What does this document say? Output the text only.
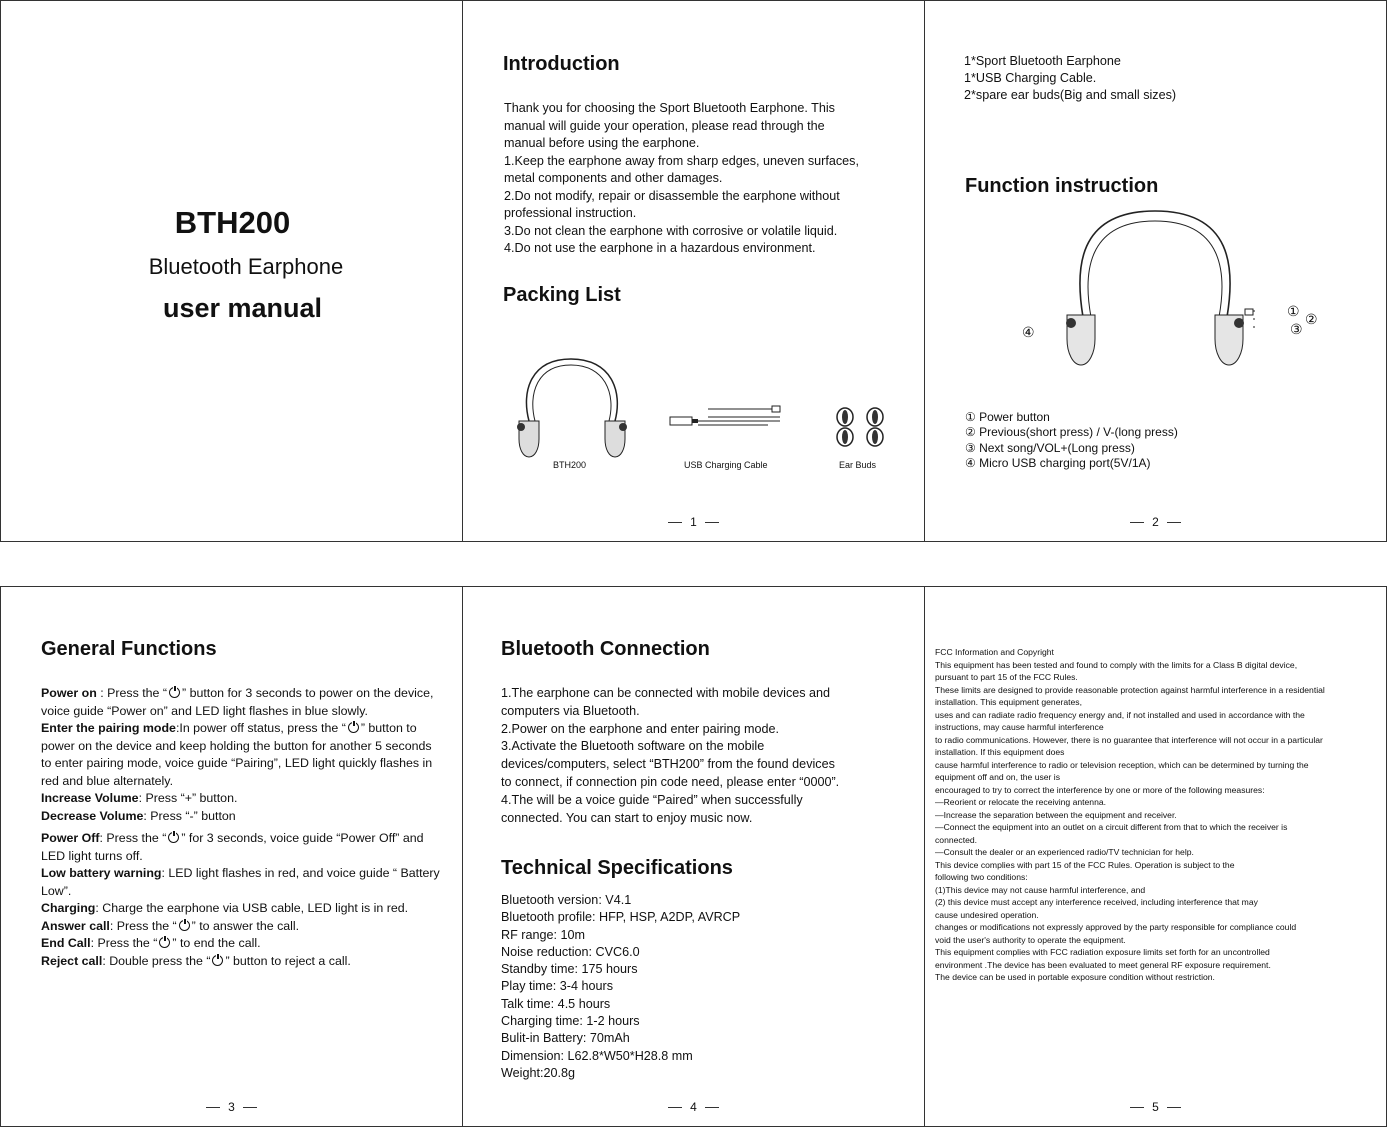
BTH200
Bluetooth Earphone
user manual
Introduction

Thank you for choosing the Sport Bluetooth Earphone. This

manual will guide your operation, please read through the

manual before using the earphone.

1.Keep the earphone away from sharp edges, uneven surfaces,

metal components and other damages.

2.Do not modify, repair or disassemble the earphone without

professional instruction.

3.Do not clean the earphone with corrosive or volatile liquid.

4.Do not use the earphone in a hazardous environment.

Packing List
BTH200	USB Charging Cable	Ear Buds
1

1*Sport Bluetooth Earphone

1*USB Charging Cable.

2*spare ear buds(Big and small sizes)

Function instruction
① ②
③
④

① Power button

② Previous(short press) / V-(long press)

③ Next song/VOL+(Long press)

④ Micro USB charging port(5V/1A)

2
General Functions

Power on : Press the “ ” button for 3 seconds to power on the device, voice guide “Power on” and LED light flashes in blue slowly.

Enter the pairing mode:In power off status, press the “ ” button to power on the device and keep holding the button for another 5 seconds to enter pairing mode, voice guide “Pairing”, LED light quickly flashes in red and blue alternately.

Increase Volume: Press “+” button.

Decrease Volume: Press “-” button

Power Off: Press the “ ” for 3 seconds, voice guide “Power Off” and LED light turns off.

Low battery warning: LED light flashes in red, and voice guide “ Battery Low”.

Charging: Charge the earphone via USB cable, LED light is in red.

Answer call: Press the “ ” to answer the call.

End Call: Press the “ ” to end the call.

Reject call: Double press the “ ” button to reject a call.

3
Bluetooth Connection

1.The earphone can be connected with mobile devices and

computers via Bluetooth.

2.Power on the earphone and enter pairing mode.

3.Activate the Bluetooth software on the mobile

devices/computers, select “BTH200” from the found devices

to connect, if connection pin code need, please enter “0000”.

4.The will be a voice guide “Paired” when successfully

connected. You can start to enjoy music now.

Technical Specifications

Bluetooth version: V4.1

Bluetooth profile: HFP, HSP, A2DP, AVRCP

RF range: 10m

Noise reduction: CVC6.0

Standby time: 175 hours

Play time: 3-4 hours

Talk time: 4.5 hours

Charging time: 1-2 hours

Bulit-in Battery: 70mAh

Dimension: L62.8*W50*H28.8 mm

Weight:20.8g

4

FCC Information and Copyright

This equipment has been tested and found to comply with the limits for a Class B digital device,

pursuant to part 15 of the FCC Rules.

These limits are designed to provide reasonable protection against harmful interference in a residential

installation. This equipment generates,

uses and can radiate radio frequency energy and, if not installed and used in accordance with the

instructions, may cause harmful interference

to radio communications. However, there is no guarantee that interference will not occur in a particular

installation. If this equipment does

cause harmful interference to radio or television reception, which can be determined by turning the

equipment off and on, the user is

encouraged to try to correct the interference by one or more of the following measures:

—Reorient or relocate the receiving antenna.

—Increase the separation between the equipment and receiver.

—Connect the equipment into an outlet on a circuit different from that to which the receiver is

connected.

—Consult the dealer or an experienced radio/TV technician for help.

This device complies with part 15 of the FCC Rules. Operation is subject to the

following two conditions:

(1)This device may not cause harmful interference, and

(2) this device must accept any interference received, including interference that may

cause undesired operation.

changes or modifications not expressly approved by the party responsible for compliance could

void the user's authority to operate the equipment.

This equipment complies with FCC radiation exposure limits set forth for an uncontrolled

environment .The device has been evaluated to meet general RF exposure requirement.

The device can be used in portable exposure condition without restriction.

5
